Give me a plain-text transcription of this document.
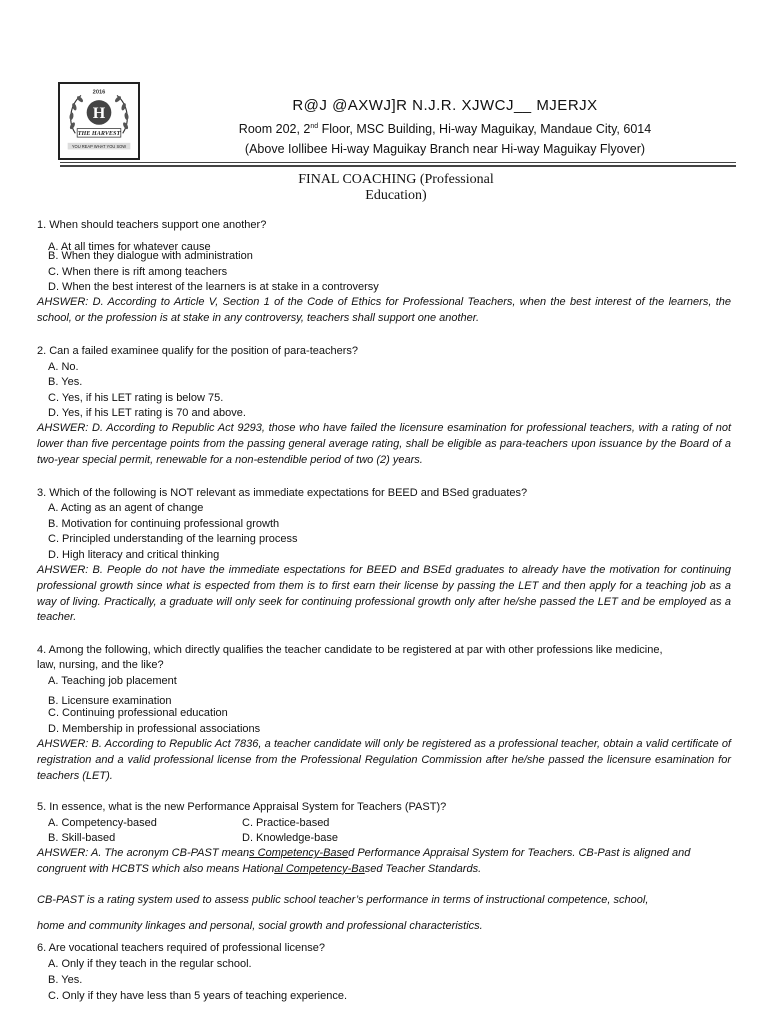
H
2016
THE HARVEST
YOU REAP WHAT YOU SOW
R@J @AXWJ]R N.J.R. XJWCJ__ MJERJX
Room 202, 2nd Floor, MSC Building, Hi-way Maguikay, Mandaue City, 6014
(Above Iollibee Hi-way Maguikay Branch near Hi-way Maguikay Flyover)
FINAL COACHING (Professional
Education)
1. When should teachers support one another?
A. At all times for whatever cause
B. When they dialogue with administration
C. When there is rift among teachers
D. When the best interest of the learners is at stake in a controversy
AHSWER: D. According to Article V, Section 1 of the Code of Ethics for Professional Teachers, when the best interest of the learners, the school, or the profession is at stake in any controversy, teachers shall support one another.
2. Can a failed examinee qualify for the position of para-teachers?
A. No.
B. Yes.
C. Yes, if his LET rating is below 75.
D. Yes, if his LET rating is 70 and above.
AHSWER: D. According to Republic Act 9293, those who have failed the licensure esamination for professional teachers, with a rating of not lower than five percentage points from the passing general average rating, shall be eligible as para-teachers upon issuance by the Board of a two-year special permit, renewable for a non-estendible period of two (2) years.
3. Which of the following is NOT relevant as immediate expectations for BEED and BSed graduates?
A. Acting as an agent of change
B. Motivation for continuing professional growth
C. Principled understanding of the learning process
D. High literacy and critical thinking
AHSWER: B. People do not have the immediate espectations for BEED and BSEd graduates to already have the motivation for continuing professional growth since what is espected from them is to first earn their license by passing the LET and then apply for a teaching job as a way of living. Practically, a graduate will only seek for continuing professional growth only after he/she passed the LET and be employed as a teacher.
4. Among the following, which directly qualifies the teacher candidate to be registered at par with other professions like medicine,
law, nursing, and the like?
A. Teaching job placement
B. Licensure examination
C. Continuing professional education
D. Membership in professional associations
AHSWER: B. According to Republic Act 7836, a teacher candidate will only be registered as a professional teacher, obtain a valid certificate of registration and a valid professional license from the Professional Regulation Commission after he/she passed the licensure esamination for teachers (LET).
5. In essence, what is the new Performance Appraisal System for Teachers (PAST)?
A. Competency-based	C. Practice-based
B. Skill-based	D. Knowledge-base
AHSWER: A. The acronym CB-PAST means Competency-Based Performance Appraisal System for Teachers. CB-Past is aligned and congruent with HCBTS which also means Hational Competency-Based Teacher Standards.
CB-PAST is a rating system used to assess public school teacher’s performance in terms of instructional competence, school,
home and community linkages and personal, social growth and professional characteristics.
6. Are vocational teachers required of professional license?
A. Only if they teach in the regular school.
B. Yes.
C. Only if they have less than 5 years of teaching experience.
